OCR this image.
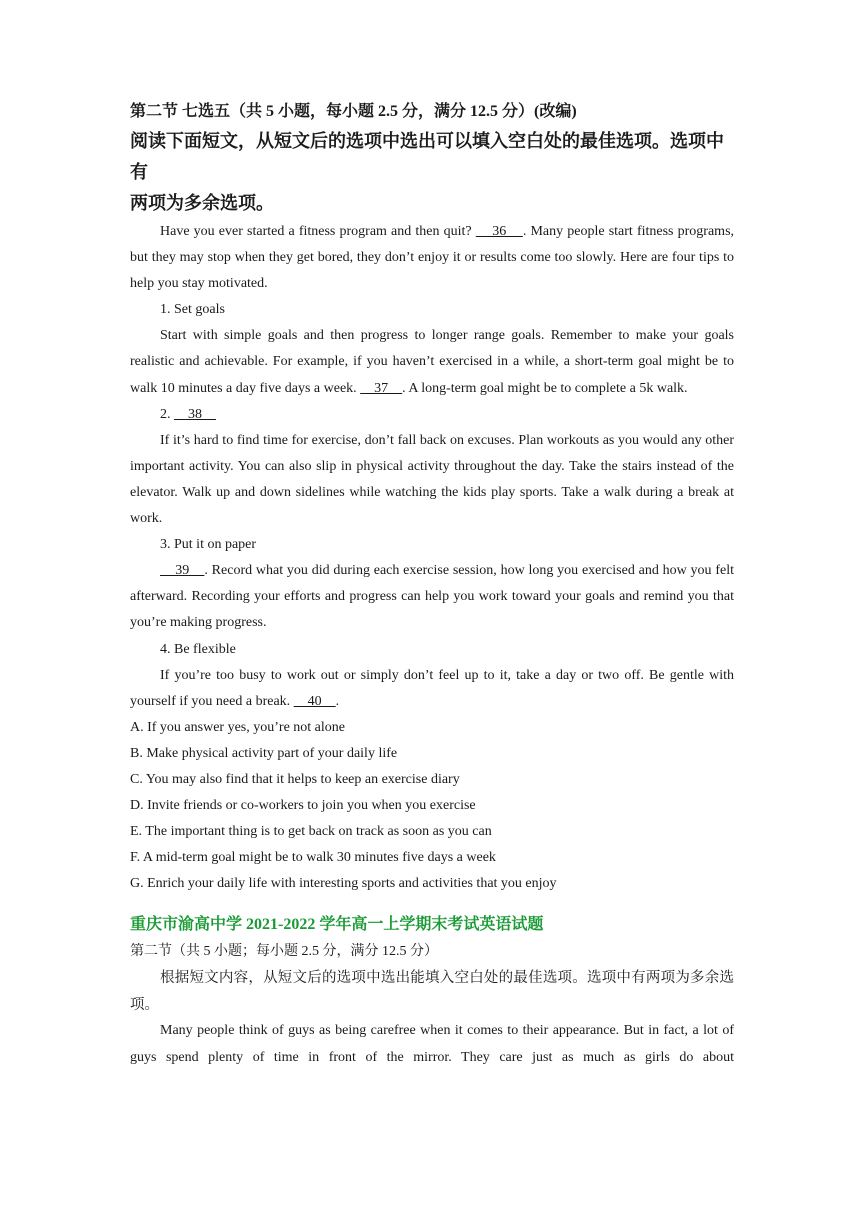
第二节 七选五（共 5 小题，每小题 2.5 分，满分 12.5 分）(改编)

阅读下面短文，从短文后的选项中选出可以填入空白处的最佳选项。选项中有

两项为多余选项。

Have you ever started a fitness program and then quit?     36    . Many people start fitness programs, but they may stop when they get bored, they don’t enjoy it or results come too slowly. Here are four tips to help you stay motivated.

1. Set goals

Start with simple goals and then progress to longer range goals. Remember to make your goals realistic and achievable. For example, if you haven’t exercised in a while, a short-term goal might be to walk 10 minutes a day five days a week.     37    . A long-term goal might be to complete a 5k walk.

2.     38

If it’s hard to find time for exercise, don’t fall back on excuses. Plan workouts as you would any other important activity. You can also slip in physical activity throughout the day. Take the stairs instead of the elevator. Walk up and down sidelines while watching the kids play sports. Take a walk during a break at work.

3. Put it on paper

39    . Record what you did during each exercise session, how long you exercised and how you felt afterward. Recording your efforts and progress can help you work toward your goals and remind you that you’re making progress.

4. Be flexible

If you’re too busy to work out or simply don’t feel up to it, take a day or two off. Be gentle with yourself if you need a break.     40    .

A. If you answer yes, you’re not alone

B. Make physical activity part of your daily life

C. You may also find that it helps to keep an exercise diary

D. Invite friends or co-workers to join you when you exercise

E. The important thing is to get back on track as soon as you can

F. A mid-term goal might be to walk 30 minutes five days a week

G. Enrich your daily life with interesting sports and activities that you enjoy

重庆市渝高中学 2021-2022 学年高一上学期末考试英语试题

第二节（共 5 小题；每小题 2.5 分，满分 12.5 分）

根据短文内容，从短文后的选项中选出能填入空白处的最佳选项。选项中有两项为多余选项。

Many people think of guys as being carefree when it comes to their appearance. But in fact, a lot of guys spend plenty of time in front of the mirror. They care just as much as girls do about
